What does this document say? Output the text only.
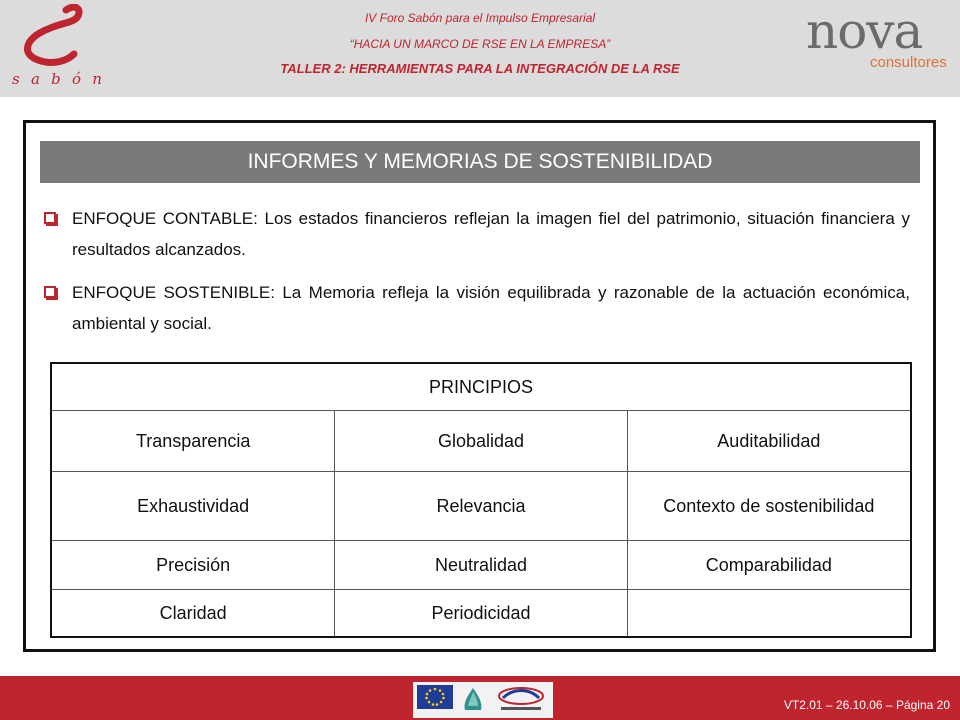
s a b ó n
IV Foro Sabón para el Impulso Empresarial
“HACIA UN MARCO DE RSE EN LA EMPRESA”
TALLER 2: HERRAMIENTAS PARA LA INTEGRACIÓN DE LA RSE
nova
consultores
INFORMES Y MEMORIAS DE SOSTENIBILIDAD
ENFOQUE CONTABLE: Los estados financieros reflejan la imagen fiel del patrimonio, situación financiera y resultados alcanzados.
ENFOQUE SOSTENIBLE: La Memoria refleja la visión equilibrada y razonable de la actuación económica, ambiental y social.
PRINCIPIOS		
Transparencia	Globalidad	Auditabilidad
Exhaustividad	Relevancia	Contexto de sostenibilidad
Precisión	Neutralidad	Comparabilidad
Claridad	Periodicidad	
VT2.01 – 26.10.06 – Página 20
